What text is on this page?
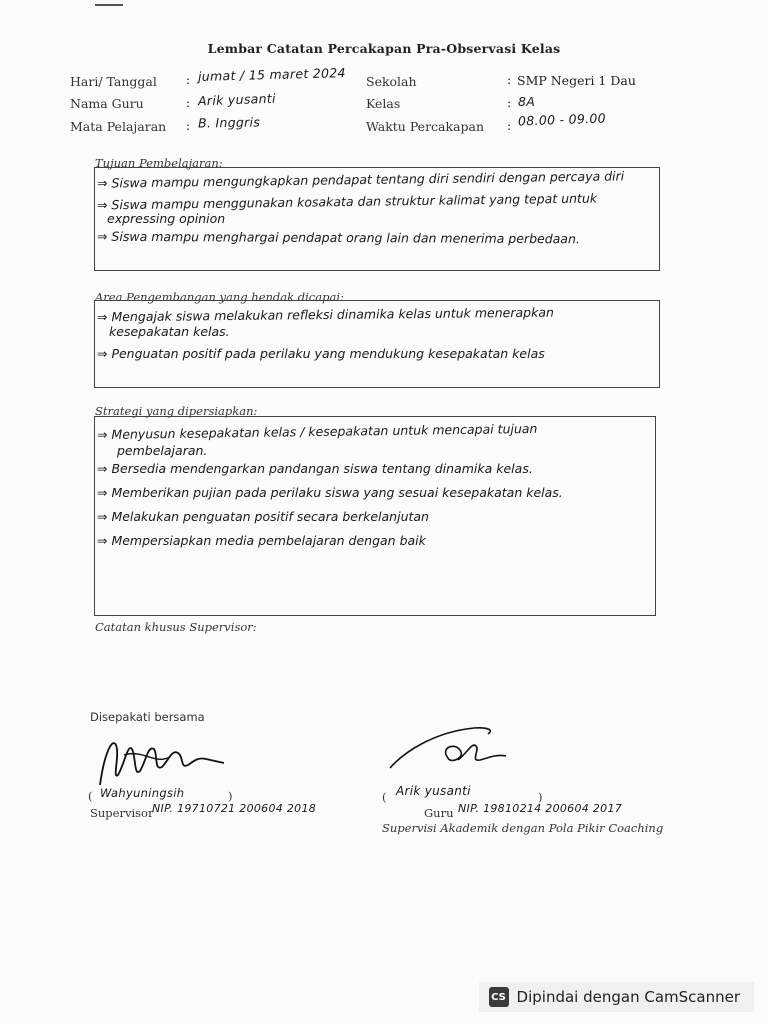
Lembar Catatan Percakapan Pra-Observasi Kelas
Hari/ Tanggal : jumat / 15 maret 2024
Nama Guru	: Arik yusanti
Mata Pelajaran : B. Inggris
Sekolah	: SMP Negeri 1 Dau
Kelas	: 8A
Waktu Percakapan : 08.00 - 09.00
Tujuan Pembelajaran:
⇒ Siswa mampu mengungkapkan pendapat tentang diri sendiri dengan percaya diri
⇒ Siswa mampu menggunakan kosakata dan struktur kalimat yang tepat untuk
expressing opinion
⇒ Siswa mampu menghargai pendapat orang lain dan menerima perbedaan.
Area Pengembangan yang hendak dicapai:
⇒ Mengajak siswa melakukan refleksi dinamika kelas untuk menerapkan
kesepakatan kelas.
⇒ Penguatan positif pada perilaku yang mendukung kesepakatan kelas
Strategi yang dipersiapkan:
⇒ Menyusun kesepakatan kelas / kesepakatan untuk mencapai tujuan
pembelajaran.
⇒ Bersedia mendengarkan pandangan siswa tentang dinamika kelas.
⇒ Memberikan pujian pada perilaku siswa yang sesuai kesepakatan kelas.
⇒ Melakukan penguatan positif secara berkelanjutan
⇒ Mempersiapkan media pembelajaran dengan baik
Catatan khusus Supervisor:
Disepakati bersama
( Wahyuningsih	)
Supervisor
NIP. 19710721 200604 2018
( Arik yusanti	)
Guru NIP. 19810214 200604 2017
Supervisi Akademik dengan Pola Pikir Coaching
CS Dipindai dengan CamScanner
